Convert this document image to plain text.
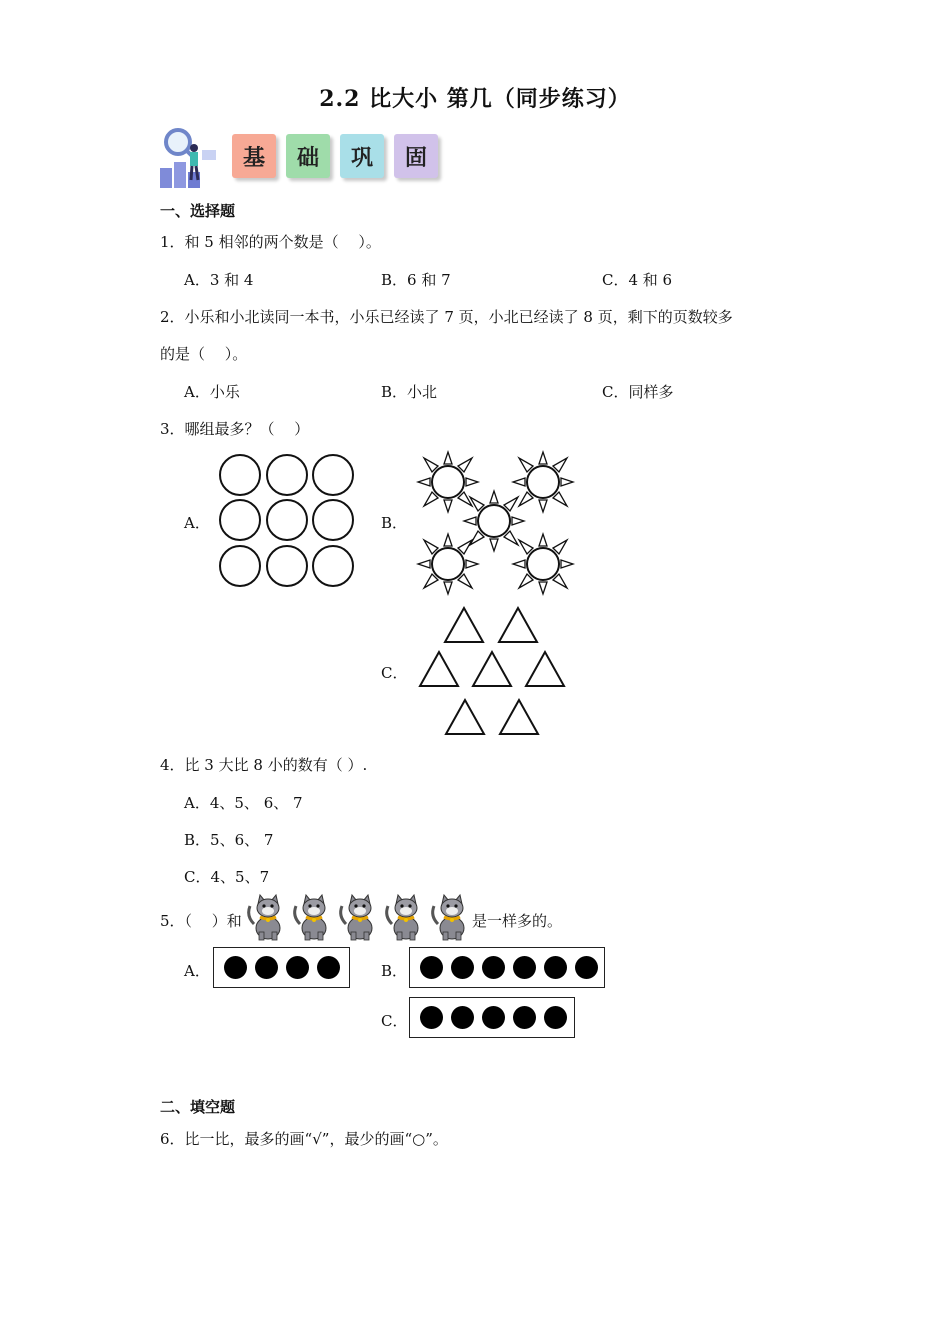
2.2 比大小 第几（同步练习）
基	础	巩	固
一、选择题
1．和 5 相邻的两个数是（　 ）。
A．3 和 4	B．6 和 7	C．4 和 6
2．小乐和小北读同一本书，小乐已经读了 7 页，小北已经读了 8 页，剩下的页数较多
的是（　 ）。
A．小乐	B．小北	C．同样多
3．哪组最多？（　 ）
A．	B．
C．
4．比 3 大比 8 小的数有（ ）.
A．4、5、 6、 7
B．5、6、 7
C．4、5、7
5．（　 ）和	是一样多的。
A．	B．
C．
二、填空题
6．比一比，最多的画“√”，最少的画“○”。
